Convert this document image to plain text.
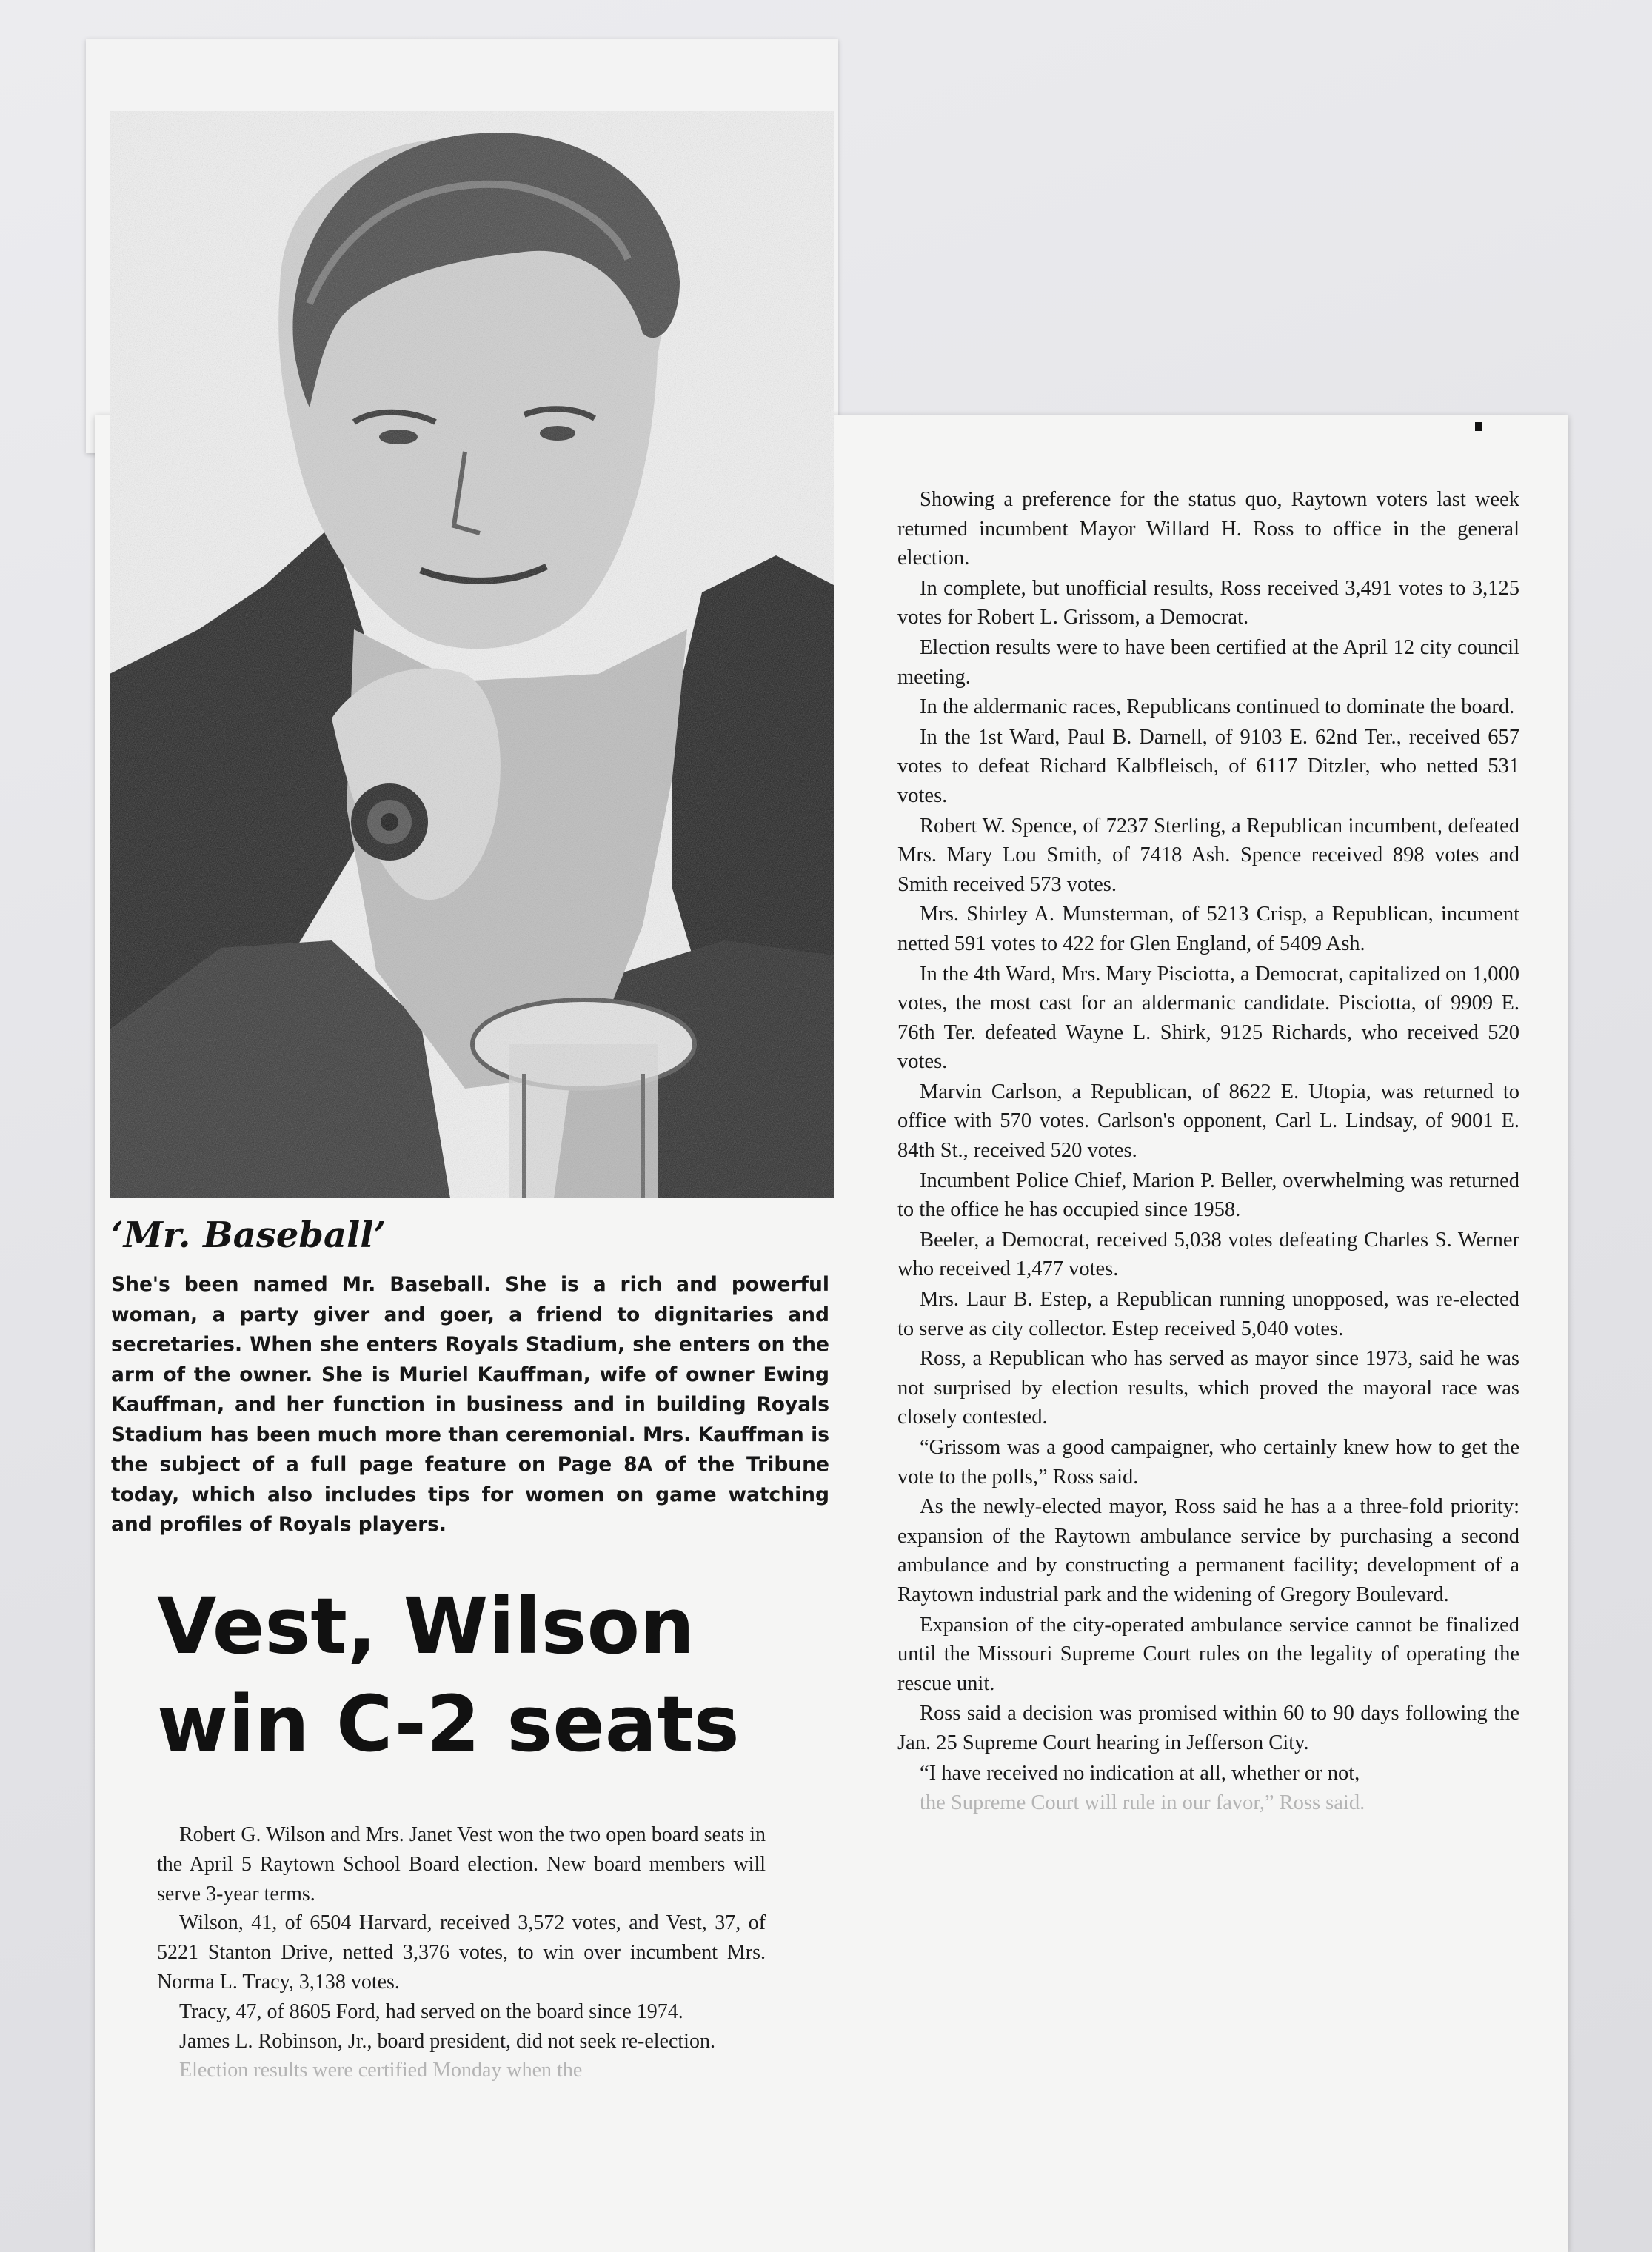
‘Mr. Baseball’

She's been named Mr. Baseball. She is a rich and powerful woman, a party giver and goer, a friend to dignitaries and secretaries. When she enters Royals Stadium, she enters on the arm of the owner. She is Muriel Kauffman, wife of owner Ewing Kauffman, and her function in business and in building Royals Stadium has been much more than ceremonial. Mrs. Kauffman is the subject of a full page feature on Page 8A of the Tribune today, which also includes tips for women on game watching and profiles of Royals players.

Vest, Wilson
win C-2 seats

Robert G. Wilson and Mrs. Janet Vest won the two open board seats in the April 5 Raytown School Board election. New board members will serve 3-year terms.

Wilson, 41, of 6504 Harvard, received 3,572 votes, and Vest, 37, of 5221 Stanton Drive, netted 3,376 votes, to win over incumbent Mrs. Norma L. Tracy, 3,138 votes.

Tracy, 47, of 8605 Ford, had served on the board since 1974.

James L. Robinson, Jr., board president, did not seek re-election.

Election results were certified Monday when the

Showing a preference for the status quo, Raytown voters last week returned incumbent Mayor Willard H. Ross to office in the general election.

In complete, but unofficial results, Ross received 3,491 votes to 3,125 votes for Robert L. Grissom, a Democrat.

Election results were to have been certified at the April 12 city council meeting.

In the aldermanic races, Republicans continued to dominate the board.

In the 1st Ward, Paul B. Darnell, of 9103 E. 62nd Ter., received 657 votes to defeat Richard Kalbfleisch, of 6117 Ditzler, who netted 531 votes.

Robert W. Spence, of 7237 Sterling, a Republican incumbent, defeated Mrs. Mary Lou Smith, of 7418 Ash. Spence received 898 votes and Smith received 573 votes.

Mrs. Shirley A. Munsterman, of 5213 Crisp, a Republican, incument netted 591 votes to 422 for Glen England, of 5409 Ash.

In the 4th Ward, Mrs. Mary Pisciotta, a Democrat, capitalized on 1,000 votes, the most cast for an aldermanic candidate. Pisciotta, of 9909 E. 76th Ter. defeated Wayne L. Shirk, 9125 Richards, who received 520 votes.

Marvin Carlson, a Republican, of 8622 E. Utopia, was returned to office with 570 votes. Carlson's opponent, Carl L. Lindsay, of 9001 E. 84th St., received 520 votes.

Incumbent Police Chief, Marion P. Beller, overwhelming was returned to the office he has occupied since 1958.

Beeler, a Democrat, received 5,038 votes defeating Charles S. Werner who received 1,477 votes.

Mrs. Laur B. Estep, a Republican running unopposed, was re-elected to serve as city collector. Estep received 5,040 votes.

Ross, a Republican who has served as mayor since 1973, said he was not surprised by election results, which proved the mayoral race was closely contested.

“Grissom was a good campaigner, who certainly knew how to get the vote to the polls,” Ross said.

As the newly-elected mayor, Ross said he has a a three-fold priority: expansion of the Raytown ambulance service by purchasing a second ambulance and by constructing a permanent facility; development of a Raytown industrial park and the widening of Gregory Boulevard.

Expansion of the city-operated ambulance service cannot be finalized until the Missouri Supreme Court rules on the legality of operating the rescue unit.

Ross said a decision was promised within 60 to 90 days following the Jan. 25 Supreme Court hearing in Jefferson City.

“I have received no indication at all, whether or not,

the Supreme Court will rule in our favor,” Ross said.
